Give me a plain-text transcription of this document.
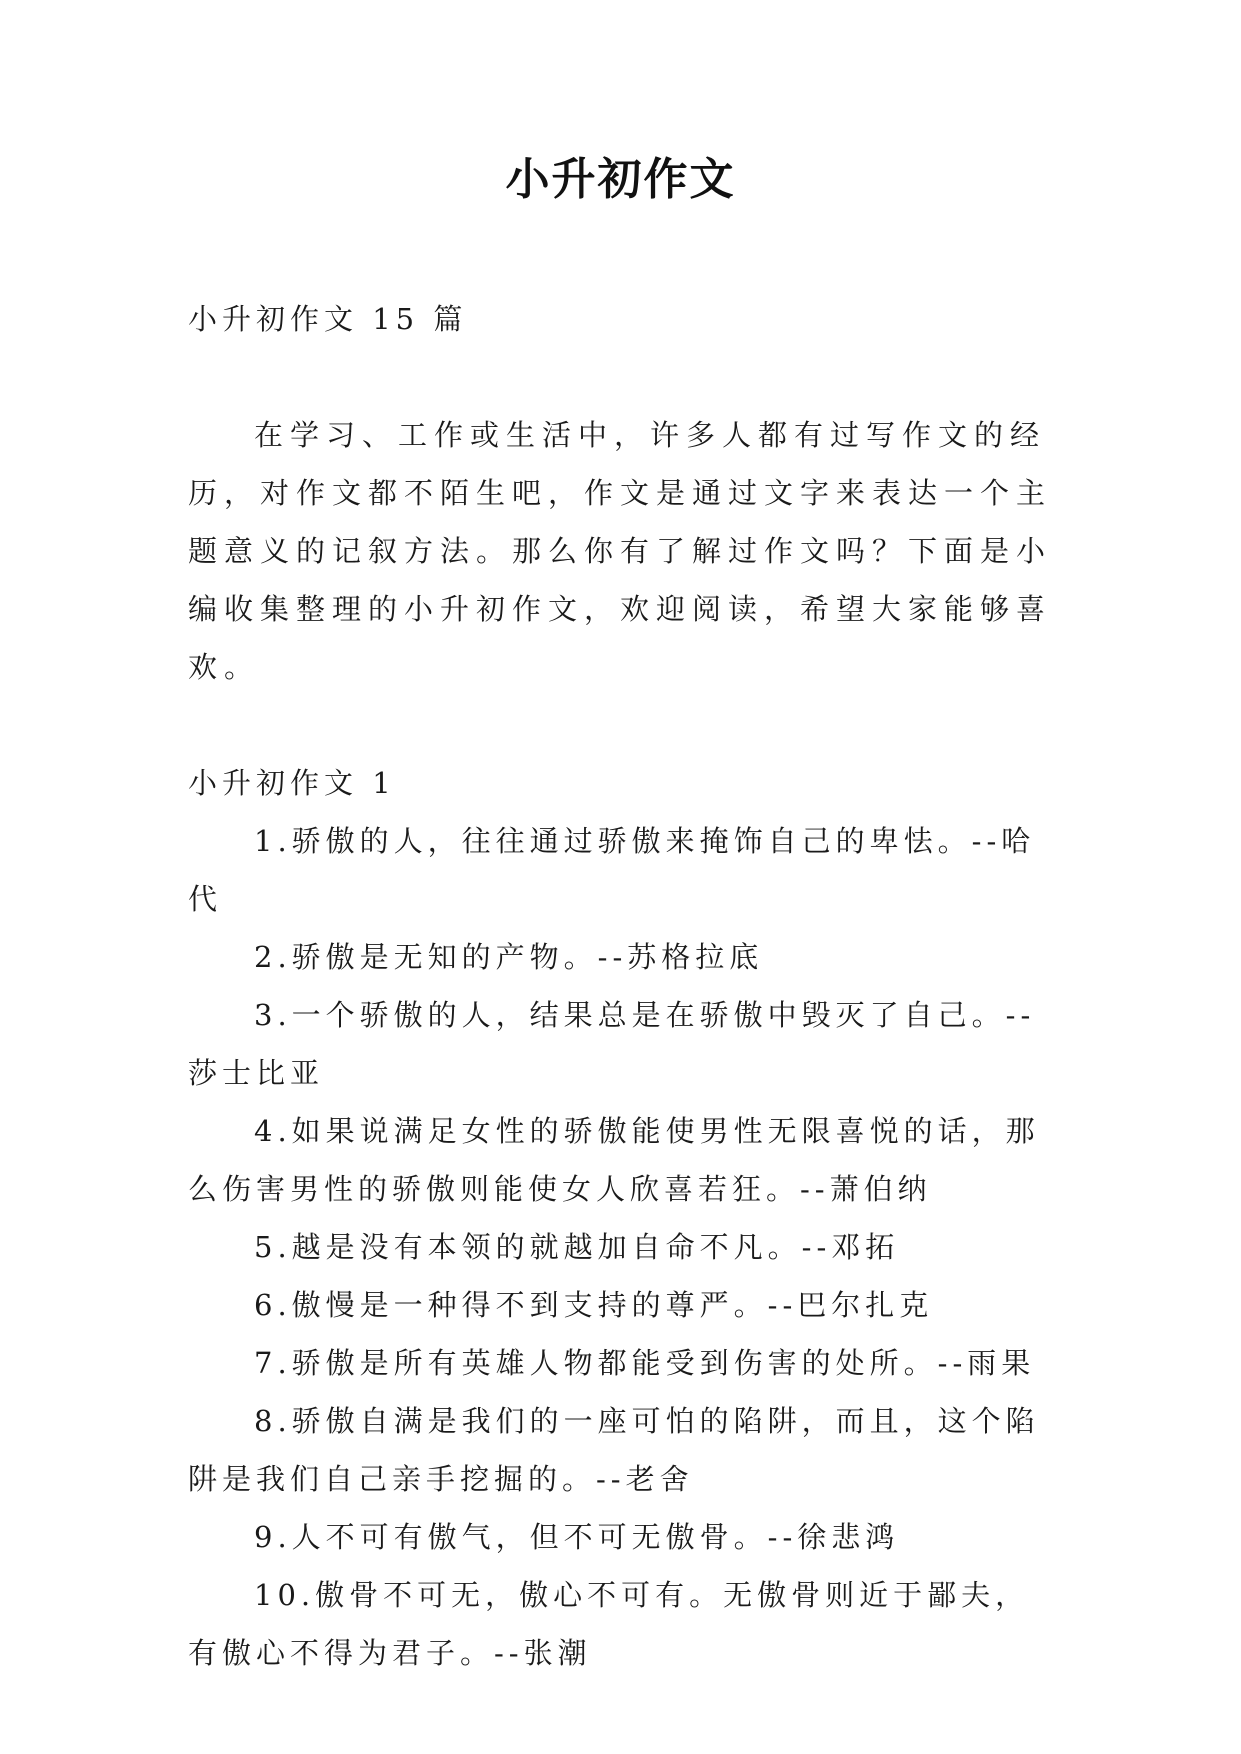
小升初作文

小升初作文 15 篇

在学习、工作或生活中，许多人都有过写作文的经历，对作文都不陌生吧，作文是通过文字来表达一个主题意义的记叙方法。那么你有了解过作文吗？下面是小编收集整理的小升初作文，欢迎阅读，希望大家能够喜欢。

小升初作文 1

1.骄傲的人，往往通过骄傲来掩饰自己的卑怯。--哈代

2.骄傲是无知的产物。--苏格拉底

3.一个骄傲的人，结果总是在骄傲中毁灭了自己。--莎士比亚

4.如果说满足女性的骄傲能使男性无限喜悦的话，那么伤害男性的骄傲则能使女人欣喜若狂。--萧伯纳

5.越是没有本领的就越加自命不凡。--邓拓

6.傲慢是一种得不到支持的尊严。--巴尔扎克

7.骄傲是所有英雄人物都能受到伤害的处所。--雨果

8.骄傲自满是我们的一座可怕的陷阱，而且，这个陷阱是我们自己亲手挖掘的。--老舍

9.人不可有傲气，但不可无傲骨。--徐悲鸿

10.傲骨不可无，傲心不可有。无傲骨则近于鄙夫，有傲心不得为君子。--张潮
